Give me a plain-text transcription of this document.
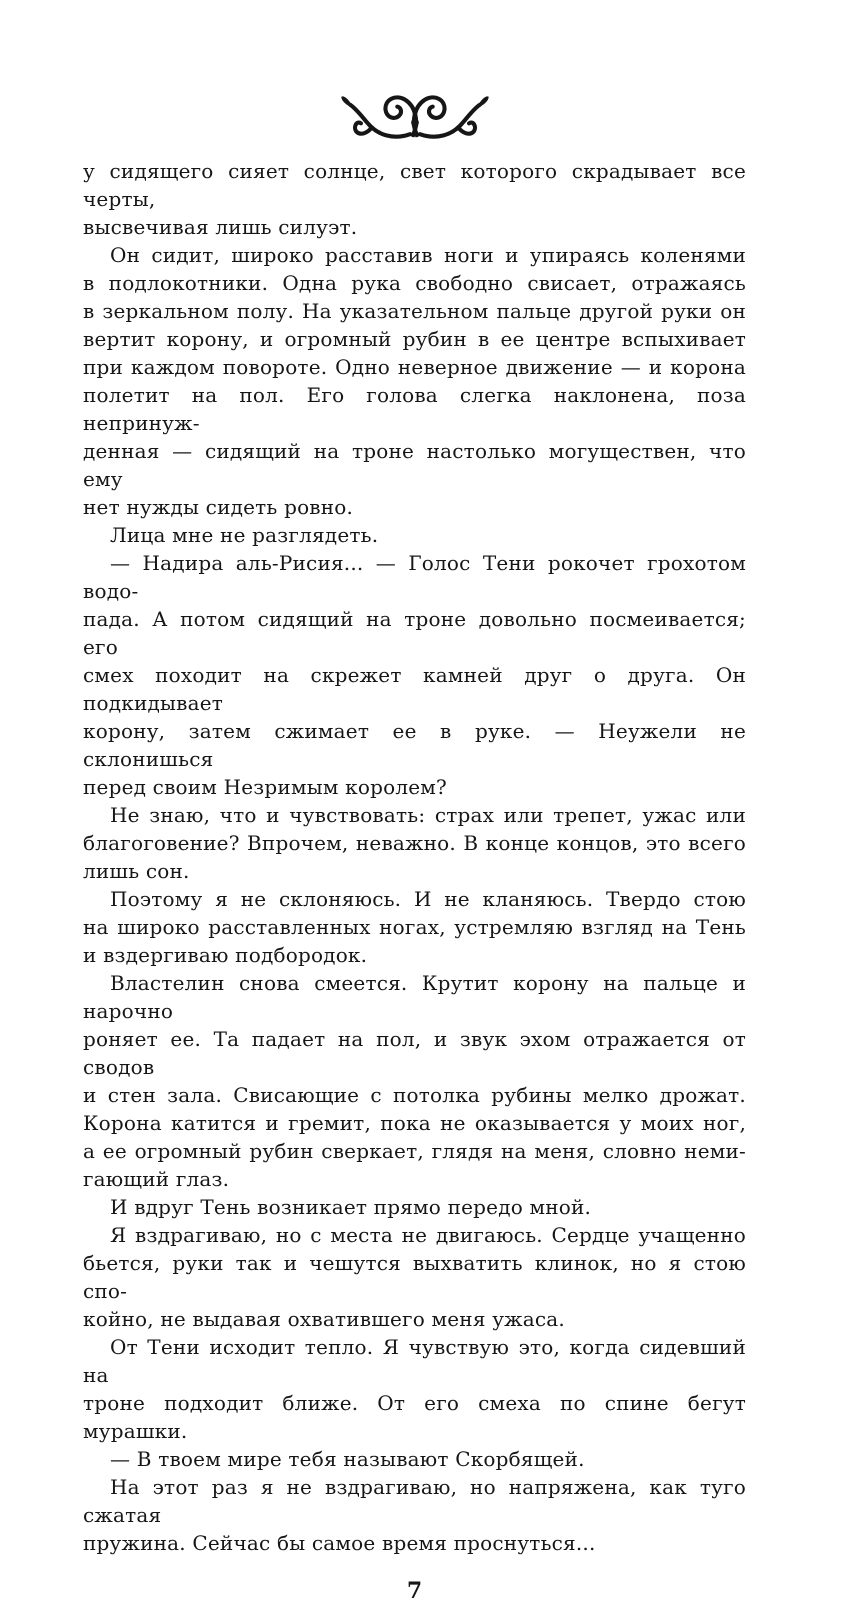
у сидящего сияет солнце, свет которого скрадывает все черты,
высвечивая лишь силуэт.
Он сидит, широко расставив ноги и упираясь коленями
в подлокотники. Одна рука свободно свисает, отражаясь
в зеркальном полу. На указательном пальце другой руки он
вертит корону, и огромный рубин в ее центре вспыхивает
при каждом повороте. Одно неверное движение — и корона
полетит на пол. Его голова слегка наклонена, поза непринуж-
денная — сидящий на троне настолько могуществен, что ему
нет нужды сидеть ровно.
Лица мне не разглядеть.
— Надира аль-Рисия... — Голос Тени рокочет грохотом водо-
пада. А потом сидящий на троне довольно посмеивается; его
смех походит на скрежет камней друг о друга. Он подкидывает
корону, затем сжимает ее в руке. — Неужели не склонишься
перед своим Незримым королем?
Не знаю, что и чувствовать: страх или трепет, ужас или
благоговение? Впрочем, неважно. В конце концов, это всего
лишь сон.
Поэтому я не склоняюсь. И не кланяюсь. Твердо стою
на широко расставленных ногах, устремляю взгляд на Тень
и вздергиваю подбородок.
Властелин снова смеется. Крутит корону на пальце и нарочно
роняет ее. Та падает на пол, и звук эхом отражается от сводов
и стен зала. Свисающие с потолка рубины мелко дрожат.
Корона катится и гремит, пока не оказывается у моих ног,
а ее огромный рубин сверкает, глядя на меня, словно неми-
гающий глаз.
И вдруг Тень возникает прямо передо мной.
Я вздрагиваю, но с места не двигаюсь. Сердце учащенно
бьется, руки так и чешутся выхватить клинок, но я стою спо-
койно, не выдавая охватившего меня ужаса.
От Тени исходит тепло. Я чувствую это, когда сидевший на
троне подходит ближе. От его смеха по спине бегут мурашки.
— В твоем мире тебя называют Скорбящей.
На этот раз я не вздрагиваю, но напряжена, как туго сжатая
пружина. Сейчас бы самое время проснуться...
7
